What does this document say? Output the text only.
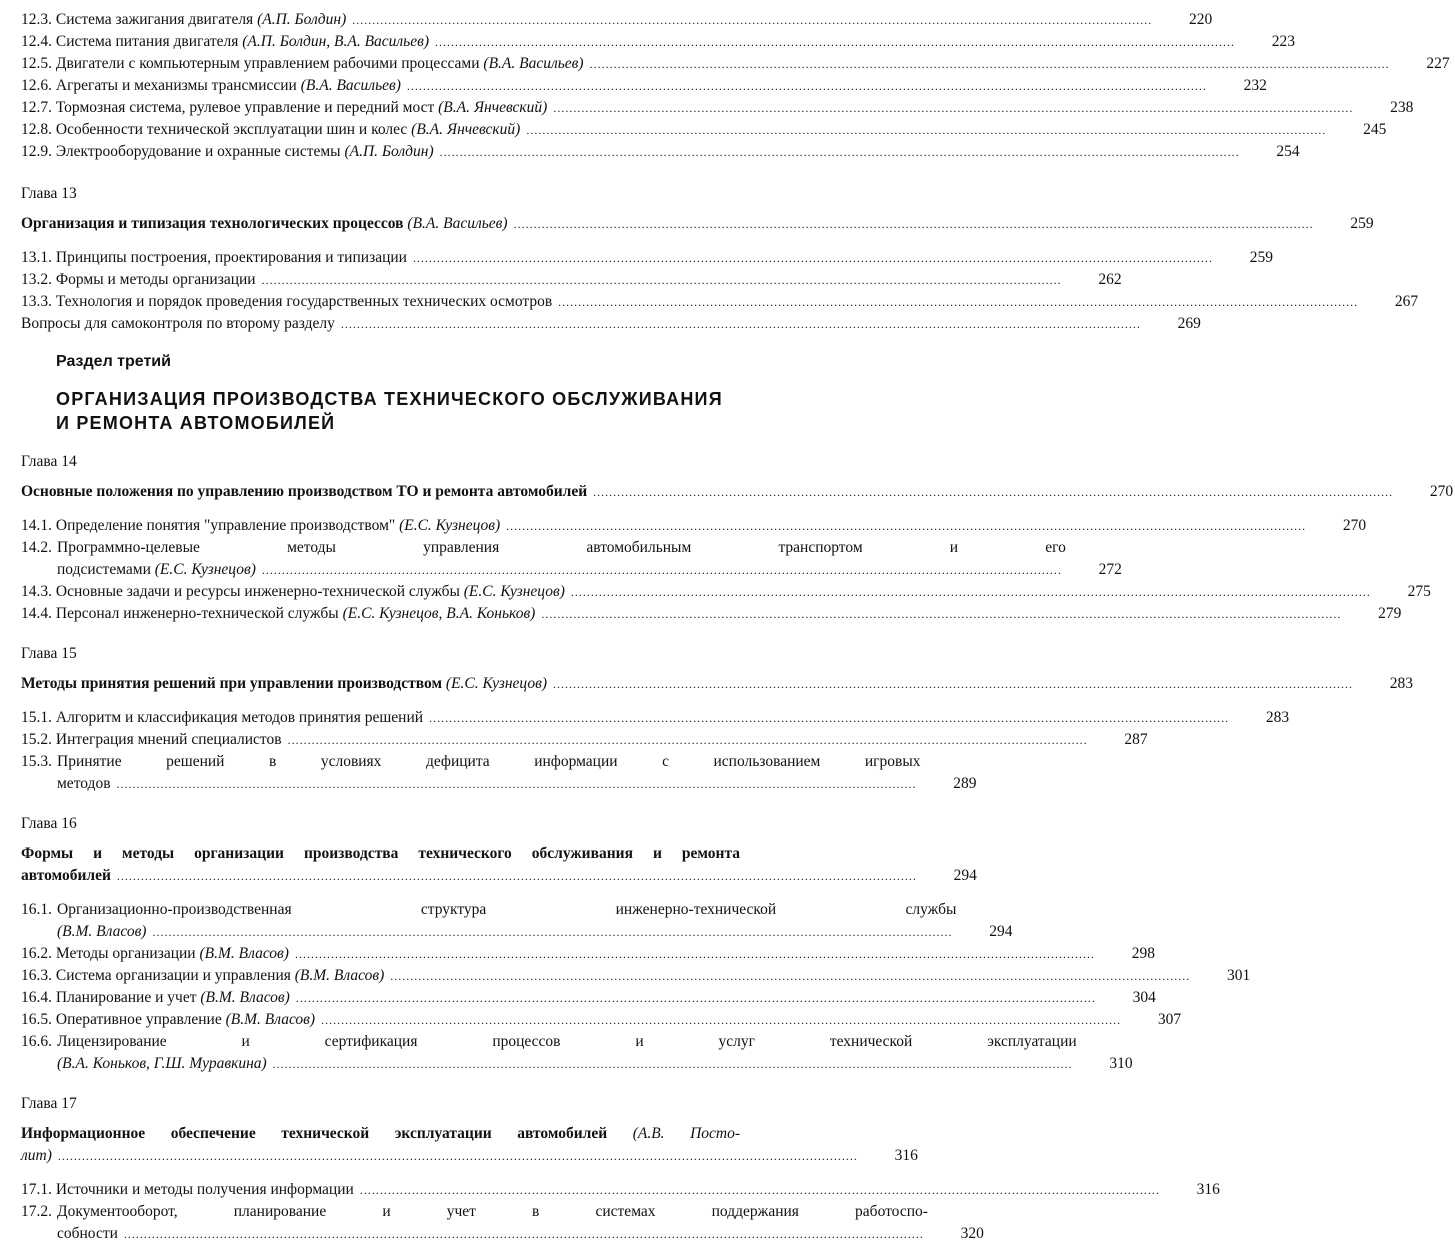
12.3. Система зажигания двигателя (А.П. Болдин) .....	220
12.4. Система питания двигателя (А.П. Болдин, В.А. Васильев) .....	223
12.5. Двигатели с компьютерным управлением рабочими процессами (В.А. Васильев) .....	227
12.6. Агрегаты и механизмы трансмиссии (В.А. Васильев) .....	232
12.7. Тормозная система, рулевое управление и передний мост (В.А. Янчевский) .....	238
12.8. Особенности технической эксплуатации шин и колес (В.А. Янчевский) .....	245
12.9. Электрооборудование и охранные системы (А.П. Болдин) .....	254
Глава 13
Организация и типизация технологических процессов (В.А. Васильев) .....	259
13.1. Принципы построения, проектирования и типизации .....	259
13.2. Формы и методы организации .....	262
13.3. Технология и порядок проведения государственных технических осмотров .....	267
Вопросы для самоконтроля по второму разделу .....	269
Раздел третий
ОРГАНИЗАЦИЯ ПРОИЗВОДСТВА ТЕХНИЧЕСКОГО ОБСЛУЖИВАНИЯ
И РЕМОНТА АВТОМОБИЛЕЙ
Глава 14
Основные положения по управлению производством ТО и ремонта автомобилей .....	270
14.1. Определение понятия "управление производством" (Е.С. Кузнецов) .....	270
14.2. Программно-целевые методы управления автомобильным транспортом и его
подсистемами (Е.С. Кузнецов) .....	272
14.3. Основные задачи и ресурсы инженерно-технической службы (Е.С. Кузнецов) .....	275
14.4. Персонал инженерно-технической службы (Е.С. Кузнецов, В.А. Коньков) .....	279
Глава 15
Методы принятия решений при управлении производством (Е.С. Кузнецов) .....	283
15.1. Алгоритм и классификация методов принятия решений .....	283
15.2. Интеграция мнений специалистов .....	287
15.3. Принятие решений в условиях дефицита информации с использованием игровых
методов .....	289
Глава 16
Формы и методы организации производства технического обслуживания и ремонта
автомобилей .....	294
16.1. Организационно-производственная структура инженерно-технической службы
(В.М. Власов) .....	294
16.2. Методы организации (В.М. Власов) .....	298
16.3. Система организации и управления (В.М. Власов) .....	301
16.4. Планирование и учет (В.М. Власов) .....	304
16.5. Оперативное управление (В.М. Власов) .....	307
16.6. Лицензирование и сертификация процессов и услуг технической эксплуатации
(В.А. Коньков, Г.Ш. Муравкина) .....	310
Глава 17
Информационное обеспечение технической эксплуатации автомобилей (А.В. Постo-
лит) .....	316
17.1. Источники и методы получения информации .....	316
17.2. Документооборот, планирование и учет в системах поддержания работоспо-
собности .....	320
